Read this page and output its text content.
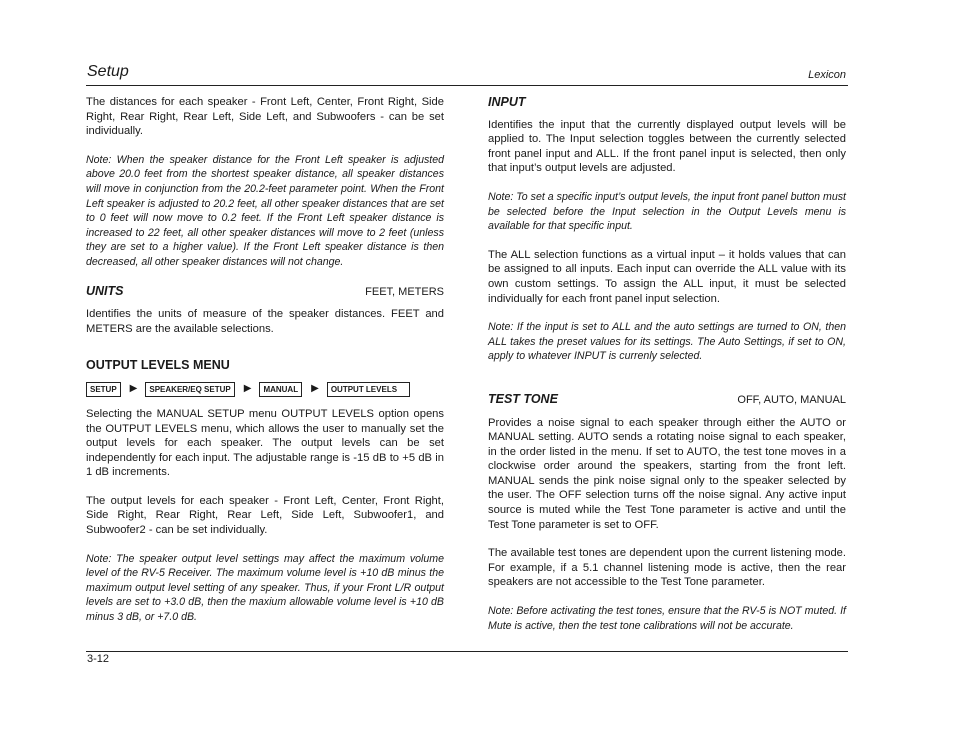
Setup	Lexicon

The distances for each speaker - Front Left, Center, Front Right, Side Right, Rear Right, Rear Left, Side Left, and Subwoofers - can be set individually.

Note: When the speaker distance for the Front Left speaker is adjusted above 20.0 feet from the shortest speaker distance, all speaker distances will move in conjunction from the 20.2-feet parameter point. When the Front Left speaker is adjusted to 20.2 feet, all other speaker distances that are set to 0 feet will now move to 0.2 feet. If the Front Left speaker distance is increased to 22 feet, all other speaker distances will move to 2 feet (unless they are set to a higher value). If the Front Left speaker distance is then decreased, all other speaker distances will not change.

UNITS	FEET, METERS

Identifies the units of measure of the speaker distances. FEET and METERS are the available selections.

OUTPUT LEVELS MENU
SETUP	▶	SPEAKER/EQ SETUP	▶	MANUAL	▶	OUTPUT LEVELS

Selecting the MANUAL SETUP menu OUTPUT LEVELS option opens the OUTPUT LEVELS menu, which allows the user to manually set the output levels for each speaker. The output levels can be set independently for each input. The adjustable range is -15 dB to +5 dB in 1 dB increments.

The output levels for each speaker - Front Left, Center, Front Right, Side Right, Rear Right, Rear Left, Side Left, Subwoofer1, and Subwoofer2 - can be set individually.

Note: The speaker output level settings may affect the maximum volume level of the RV-5 Receiver. The maximum volume level is +10 dB minus the maximum output level setting of any speaker. Thus, if your Front L/R output levels are set to +3.0 dB, then the maxium allowable volume level is +10 dB minus 3 dB, or +7.0 dB.

INPUT

Identifies the input that the currently displayed output levels will be applied to. The Input selection toggles between the currently selected front panel input and ALL. If the front panel input is selected, then only that input’s output levels are adjusted.

Note: To set a specific input’s output levels, the input front panel button must be selected before the Input selection in the Output Levels menu is available for that specific input.

The ALL selection functions as a virtual input – it holds values that can be assigned to all inputs. Each input can override the ALL value with its own custom settings. To assign the ALL input, it must be selected individually for each front panel input selection.

Note: If the input is set to ALL and the auto settings are turned to ON, then ALL takes the preset values for its settings. The Auto Settings, if set to ON, apply to whatever INPUT is currenly selected.

TEST TONE	OFF, AUTO, MANUAL

Provides a noise signal to each speaker through either the AUTO or MANUAL setting. AUTO sends a rotating noise signal to each speaker, in the order listed in the menu. If set to AUTO, the test tone moves in a clockwise order around the speakers, starting from the front left. MANUAL sends the pink noise signal only to the speaker selected by the user. The OFF selection turns off the noise signal. Any active input source is muted while the Test Tone parameter is active and until the Test Tone parameter is set to OFF.

The available test tones are dependent upon the current listening mode. For example, if a 5.1 channel listening mode is active, then the rear speakers are not accessible to the Test Tone parameter.

Note: Before activating the test tones, ensure that the RV-5 is NOT muted. If Mute is active, then the test tone calibrations will not be accurate.

3-12
